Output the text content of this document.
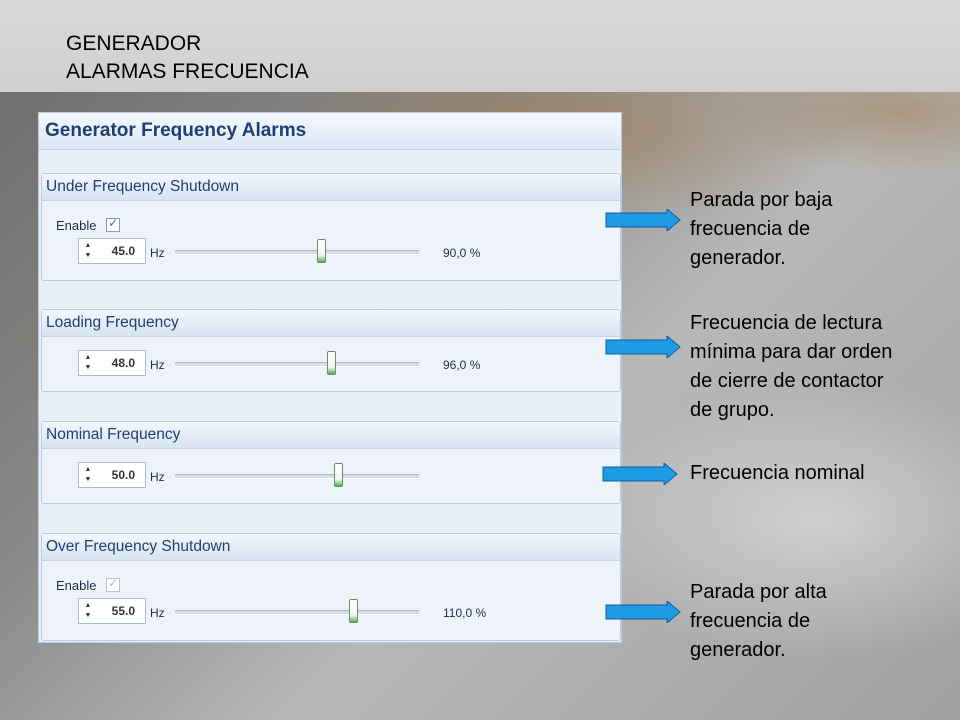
GENERADOR
ALARMAS FRECUENCIA
Generator Frequency Alarms
Under Frequency Shutdown
Enable ✓
▲
▼ 45.0 Hz	90,0 %
Loading Frequency
▲
▼ 48.0 Hz	96,0 %
Nominal Frequency
▲
▼ 50.0 Hz
Over Frequency Shutdown
Enable ✓
▲
▼ 55.0 Hz	110,0 %
Parada por baja
frecuencia de
generador.
Frecuencia de lectura
mínima para dar orden
de cierre de contactor
de grupo.
Frecuencia nominal
Parada por alta
frecuencia de
generador.
